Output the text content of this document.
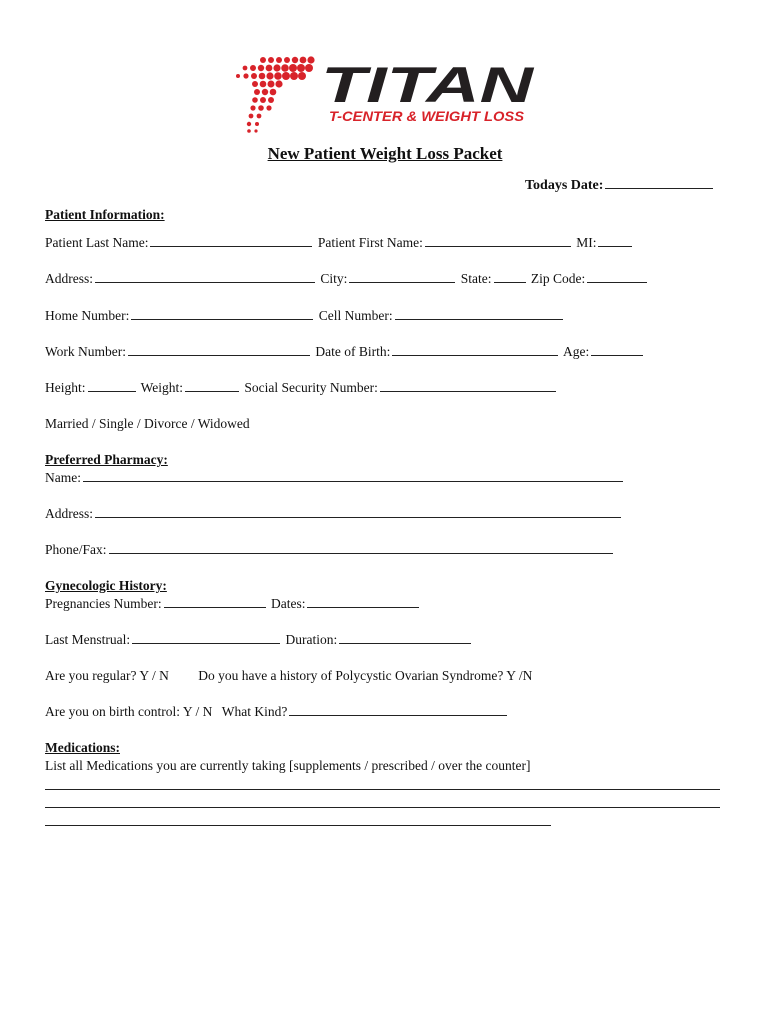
TITAN
T-CENTER & WEIGHT LOSS
New Patient Weight Loss Packet
Todays Date:
Patient Information:
Patient Last Name:	Patient First Name:	MI:
Address:	City:	State:	Zip Code:
Home Number:	Cell Number:
Work Number:	Date of Birth:	Age:
Height:	Weight:	Social Security Number:
Married / Single / Divorce / Widowed
Preferred Pharmacy:
Name:
Address:
Phone/Fax:
Gynecologic History:
Pregnancies Number:	Dates:
Last Menstrual:	Duration:
Are you regular? Y / N Do you have a history of Polycystic Ovarian Syndrome? Y /N
Are you on birth control: Y / N What Kind?
Medications:
List all Medications you are currently taking [supplements / prescribed / over the counter]
